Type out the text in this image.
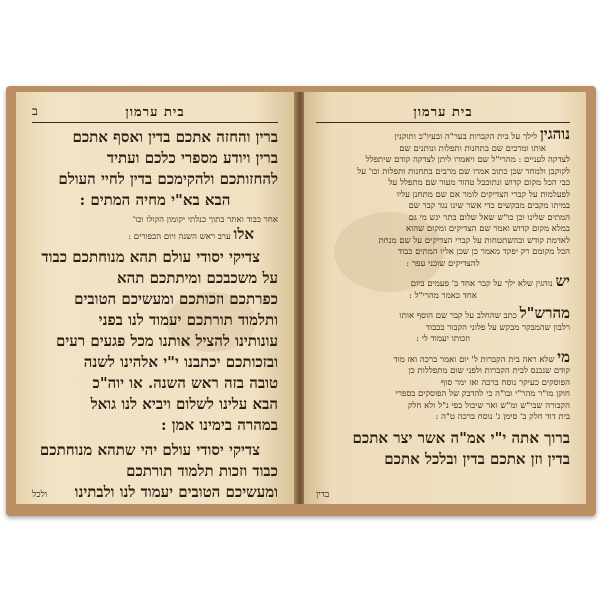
בית ערמון
ב

ברין והחזה אתכם בדין ואסף אתכם

ברין ויודע מספרי כלכם ועתיד

להחזותכם ולהקימכם בדין לחיי העולם

הבא בא"י מחיה המתים :

אחר כבוד ואתר בתוך כנלתי יקומון הקולו וכו'

אלו ערב ראש השנה ויום הכפורים :

צדיקי יסודי עולם תהא מנוחתכם כבוד

על משכבכם ומיתתכם תהא

כפרתכם וזכותכם ומעשיכם הטובים

ותלמוד תורתכם יעמוד לנו בפני

עונותינו להציל אותנו מכל פגעים רעים

ובזכותכם יכתבנו י"י אלהינו לשנה

טובה בזה ראש השנה. או יוה"כ

הבא עלינו לשלום ויביא לנו גואל

במהרה בימינו אמן :

צדיקי יסודי עולם יהי שתהא מנוחתכם

כבוד וזכות תלמוד תורתכם

ומעשיכם הטובים יעמוד לנו ולבתינו

ולכל
בית ערמון

נוהגין לילך על בית הקברות בער"ה ובעיו"כ ותוקנין

אותו ומרבים שם בתחנות ותפלות ונותנים שם

לצדקה לעניים : מהרי"ל שם ויאמרו ליתן לצדקה קודם שיתפלל

לקוקבן ולמחר שכן כתוב אמרו שם מרבים בתחנות ותפלות וכו' על

כבי הכל מקום קדוש ונתוכבל טהור מעור שם מתפלל על

לפעלמות על קברי הצדיקים לומר אם שם מתחנן עליו

במיתו מקבים מבקשים כדי אשר שינו נגד קבר שם

המתים שלינו וכן כו"ש שאל שלום בתר יגש מי גם

במלא מקום קדוש ואמר שם הצדיקים ומקום שהוא

לאדמת קודש ובהשתטחות על קברי הצדיקים על שם מנחת

הכל מקומם רק יפקד מאמר כן שכן אליו המתים כבוד

להצדיקים שוכני עפר :

יש נוהגין שלא ילך על קבר אחד ב' פעמים ביום

אחד כאמר מהרי"ל :

מהרש"ל כתב שהחלב על קבר שם הוסף אותו

רלבון שהמבקר מבקש על פלוני הקבור בכבוד

וזכותו יעמוד לי :

מי שלא ראה בית הקברות ל' יום ואמר ברכה ואז מוד

קודם שנכנס לבית הקברות ולפני שום מתפללות כן

הפוסקים כעיקר נוסח ברכה ואז ימר סוף

חוקן מו"ר מהר"י ובו"ה כי להדבק של הפוסקים בספרי

הקבורה שבי"ש ומ"ש ואר שיכול כפי נ"ל ולא חלק

בית דוד חלק ב' סימן ג' נוסח ברכה ט"ה :

ברוך אתה י"י אמ"ה אשר יצר אתכם

בדין וזן אתכם בדין ובלכל אתכם

בדין
